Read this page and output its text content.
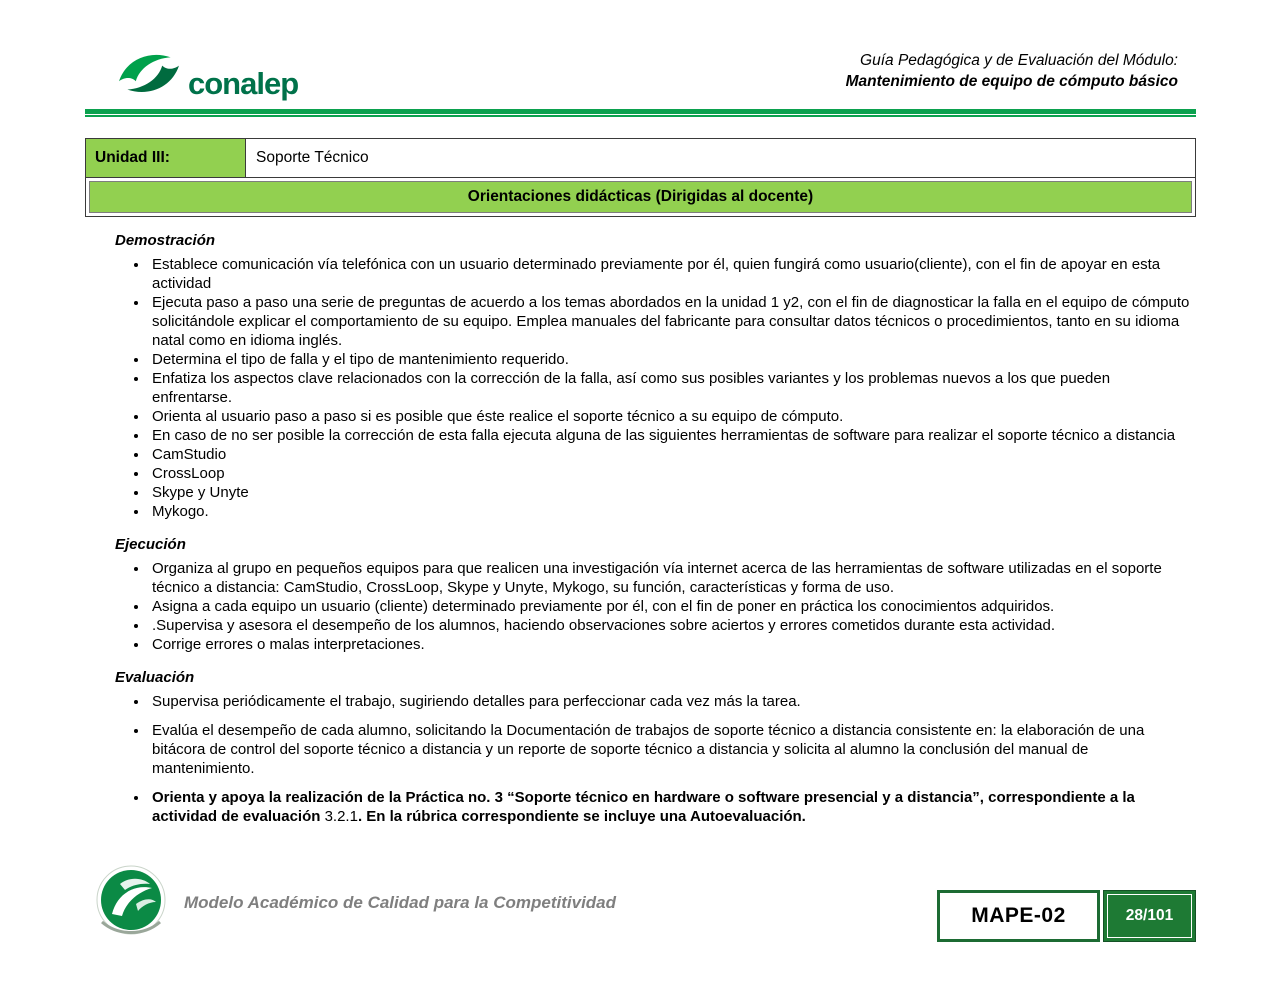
conalep
Guía Pedagógica y de Evaluación del Módulo:
Mantenimiento de equipo de cómputo básico
Unidad III:	Soporte Técnico
Orientaciones didácticas (Dirigidas al docente)
Demostración
• Establece comunicación vía telefónica con un usuario determinado previamente por él, quien fungirá como usuario(cliente), con el fin de apoyar en esta actividad
• Ejecuta paso a paso una serie de preguntas de acuerdo a los temas abordados en la unidad 1 y2, con el fin de diagnosticar la falla en el equipo de cómputo solicitándole explicar el comportamiento de su equipo. Emplea manuales del fabricante para consultar datos técnicos o procedimientos, tanto en su idioma natal como en idioma inglés.
• Determina el tipo de falla y el tipo de mantenimiento requerido.
• Enfatiza los aspectos clave relacionados con la corrección de la falla, así como sus posibles variantes y los problemas nuevos a los que pueden enfrentarse.
• Orienta al usuario paso a paso si es posible que éste realice el soporte técnico a su equipo de cómputo.
• En caso de no ser posible la corrección de esta falla ejecuta alguna de las siguientes herramientas de software para realizar el soporte técnico a distancia
• CamStudio
• CrossLoop
• Skype y Unyte
• Mykogo.
Ejecución
• Organiza al grupo en pequeños equipos para que realicen una investigación vía internet acerca de las herramientas de software utilizadas en el soporte técnico a distancia: CamStudio, CrossLoop, Skype y Unyte, Mykogo, su función, características y forma de uso.
• Asigna a cada equipo un usuario (cliente) determinado previamente por él, con el fin de poner en práctica los conocimientos adquiridos.
• .Supervisa y asesora el desempeño de los alumnos, haciendo observaciones sobre aciertos y errores cometidos durante esta actividad.
• Corrige errores o malas interpretaciones.
Evaluación
• Supervisa periódicamente el trabajo, sugiriendo detalles para perfeccionar cada vez más la tarea.
• Evalúa el desempeño de cada alumno, solicitando la Documentación de trabajos de soporte técnico a distancia consistente en: la elaboración de una bitácora de control del soporte técnico a distancia y un reporte de soporte técnico a distancia y solicita al alumno la conclusión del manual de mantenimiento.
• Orienta y apoya la realización de la Práctica no. 3 “Soporte técnico en hardware o software presencial y a distancia”, correspondiente a la actividad de evaluación 3.2.1. En la rúbrica correspondiente se incluye una Autoevaluación.
Modelo Académico de Calidad para la Competitividad
MAPE-02	28/101
